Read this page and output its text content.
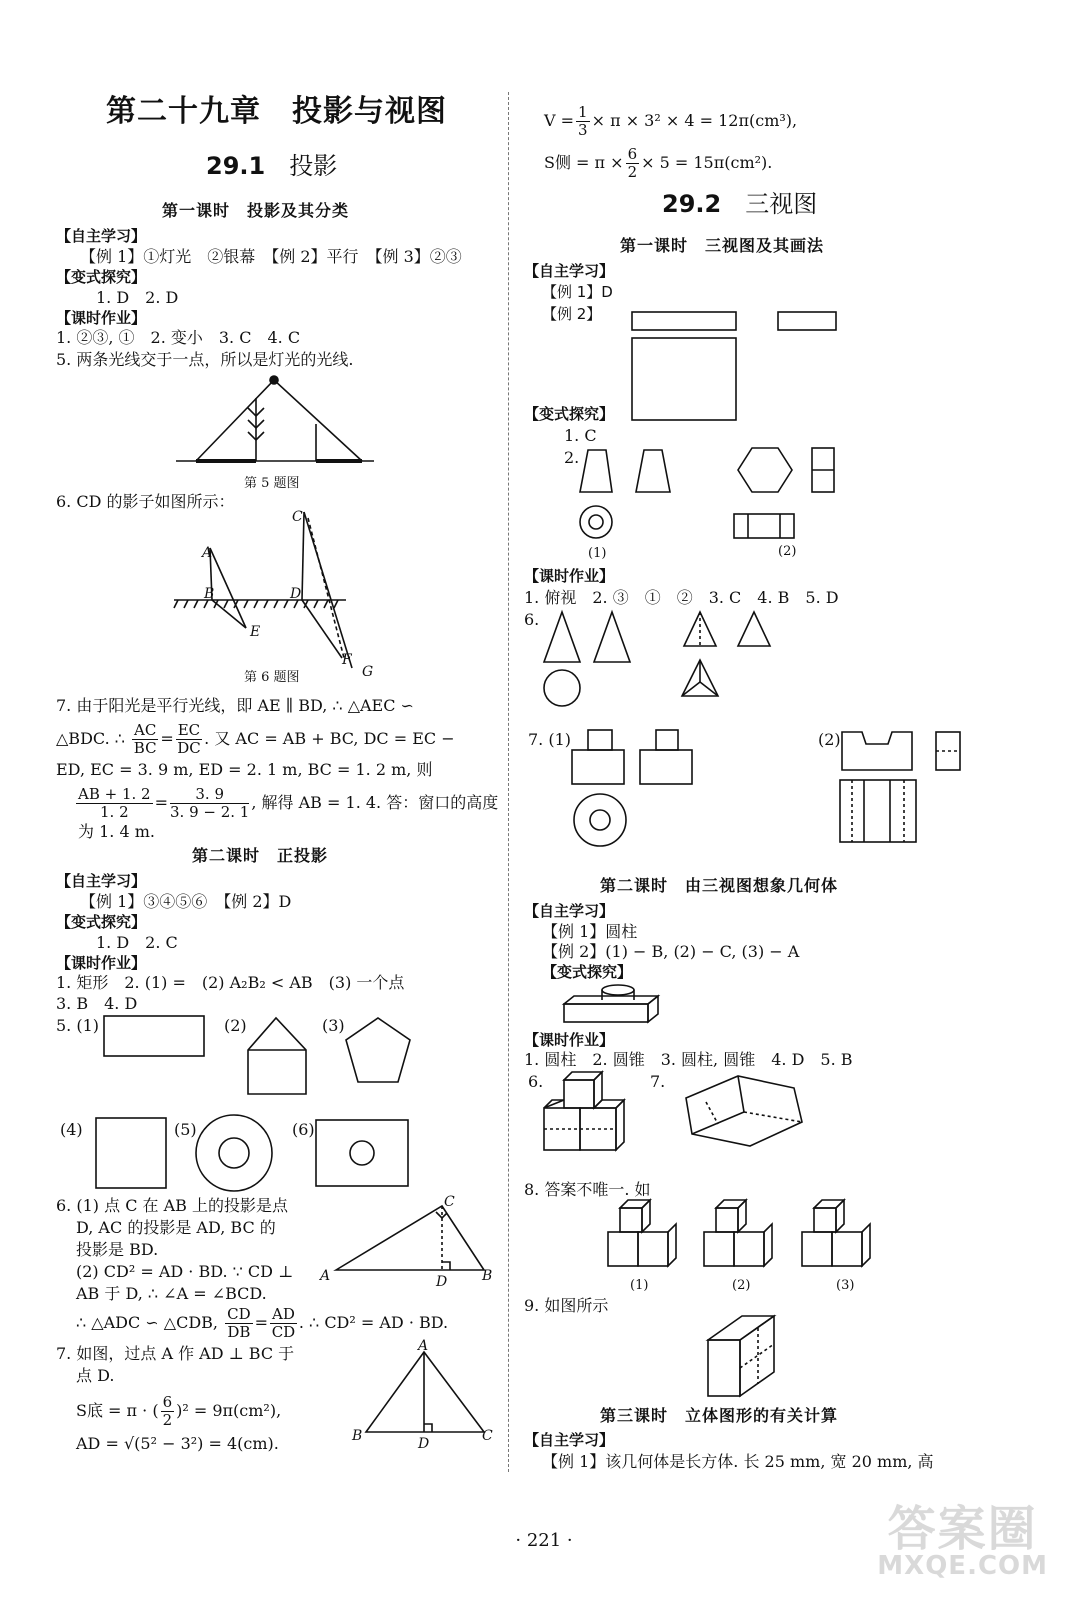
第二十九章　投影与视图
29.1 投影
第一课时　投影及其分类
【自主学习】
【例 1】①灯光　②银幕　【例 2】平行　【例 3】②③
【变式探究】
1. D　2. D
【课时作业】
1. ②③, ①　2. 变小　3. C　4. C
5. 两条光线交于一点，所以是灯光的光线.
第 5 题图
6. CD 的影子如图所示：
A
B
C
D
E
F
G
第 6 题图
7. 由于阳光是平行光线，即 AE ∥ BD, ∴ △AEC ∽
△BDC. ∴ $\frac{AC}{BC} = \frac{EC}{DC}$ . 又 AC = AB + BC, DC = EC −
ED, EC = 3. 9 m, ED = 2. 1 m, BC = 1. 2 m, 则
$\frac{AB + 1. 2}{1. 2} = \frac{3. 9}{3. 9 - 2. 1}$ , 解得 AB = 1. 4. 答：窗口的高度
为 1. 4 m.
第二课时　正投影
【自主学习】
【例 1】③④⑤⑥　【例 2】D
【变式探究】
1. D　2. C
【课时作业】
1. 矩形　2. (1) =　(2) A₂B₂ < AB　(3) 一个点
3. B　4. D
5. (1)	(2)	(3)
(4)	(5)	(6)
6. (1) 点 C 在 AB 上的投影是点
D, AC 的投影是 AD, BC 的
投影是 BD.
(2) CD² = AD · BD. ∵ CD ⊥
AB 于 D, ∴ ∠A = ∠BCD.
∴ △ADC ∽ △CDB, $\frac{CD}{DB} = \frac{AD}{CD}$ . ∴ CD² = AD · BD.
A	B
C
D
7. 如图，过点 A 作 AD ⊥ BC 于
点 D.
S底 = π · ( $\frac{6}{2} )^2 = 9\pi(cm^2)$,
AD = √(5² − 3²) = 4(cm).
A
B	C
D
$V = \frac{1}{3} \times \pi \times 3^2 \times 4 = 12\pi(cm^3)$,
S侧 = $\pi \times \frac{6}{2} \times 5 = 15\pi(cm^2)$.
29.2 三视图
第一课时　三视图及其画法
【自主学习】
【例 1】D
【例 2】
【变式探究】
1. C
2.
(1)	(2)
【课时作业】
1. 俯视　2. ③　①　②　3. C　4. B　5. D
6.
7. (1)	(2)
第二课时　由三视图想象几何体
【自主学习】
【例 1】圆柱
【例 2】(1) − B, (2) − C, (3) − A
【变式探究】
【课时作业】
1. 圆柱　2. 圆锥　3. 圆柱, 圆锥　4. D　5. B
6.	7.
8. 答案不唯一. 如
(1)	(2)	(3)
9. 如图所示
第三课时　立体图形的有关计算
【自主学习】
【例 1】该几何体是长方体. 长 25 mm, 宽 20 mm, 高
· 221 ·	答案圈
MXQE.COM
